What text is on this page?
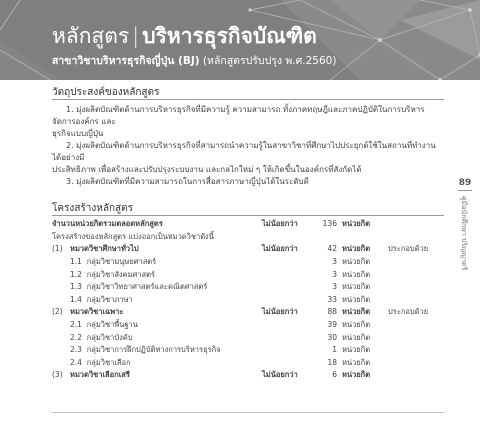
หลักสูตร | บริหารธุรกิจบัณฑิต
สาขาวิชาบริหารธุรกิจญี่ปุ่น (BJ) (หลักสูตรปรับปรุง พ.ศ.2560)

วัตถุประสงค์ของหลักสูตร

1. มุ่งผลิตบัณฑิตด้านการบริหารธุรกิจที่มีความรู้ ความสามารถ ทั้งภาคทฤษฎีและภาคปฏิบัติในการบริหารจัดการองค์กร และ

ธุรกิจแบบญี่ปุ่น

2. มุ่งผลิตบัณฑิตด้านการบริหารธุรกิจที่สามารถนำความรู้ในสาขาวิชาที่ศึกษาไปประยุกต์ใช้ในสถานที่ทำงานได้อย่างมี

ประสิทธิภาพ เพื่อสร้างและปรับปรุงระบบงาน และกลไกใหม่ ๆ ให้เกิดขึ้นในองค์กรที่สังกัดได้

3. มุ่งผลิตบัณฑิตที่มีความสามารถในการสื่อสารภาษาญี่ปุ่นได้ในระดับดี

โครงสร้างหลักสูตร

จำนวนหน่วยกิตรวมตลอดหลักสูตร		ไม่น้อยกว่า	136	หน่วยกิต	
โครงสร้างของหลักสูตร แบ่งออกเป็นหมวดวิชาดังนี้					
(1)	หมวดวิชาศึกษาทั่วไป	ไม่น้อยกว่า	42	หน่วยกิต	ประกอบด้วย
	1.1 กลุ่มวิชามนุษยศาสตร์		3	หน่วยกิต	
	1.2 กลุ่มวิชาสังคมศาสตร์		3	หน่วยกิต	
	1.3 กลุ่มวิชาวิทยาศาสตร์และคณิตศาสตร์		3	หน่วยกิต	
	1.4 กลุ่มวิชาภาษา		33	หน่วยกิต	
(2)	หมวดวิชาเฉพาะ	ไม่น้อยกว่า	88	หน่วยกิต	ประกอบด้วย
	2.1 กลุ่มวิชาพื้นฐาน		39	หน่วยกิต	
	2.2 กลุ่มวิชาบังคับ		30	หน่วยกิต	
	2.3 กลุ่มวิชาการฝึกปฏิบัติทางการบริหารธุรกิจ		1	หน่วยกิต	
	2.4 กลุ่มวิชาเลือก		18	หน่วยกิต	
(3)	หมวดวิชาเลือกเสรี	ไม่น้อยกว่า	6	หน่วยกิต	
89
คู่มือนักศึกษา ปริญญาตรี
